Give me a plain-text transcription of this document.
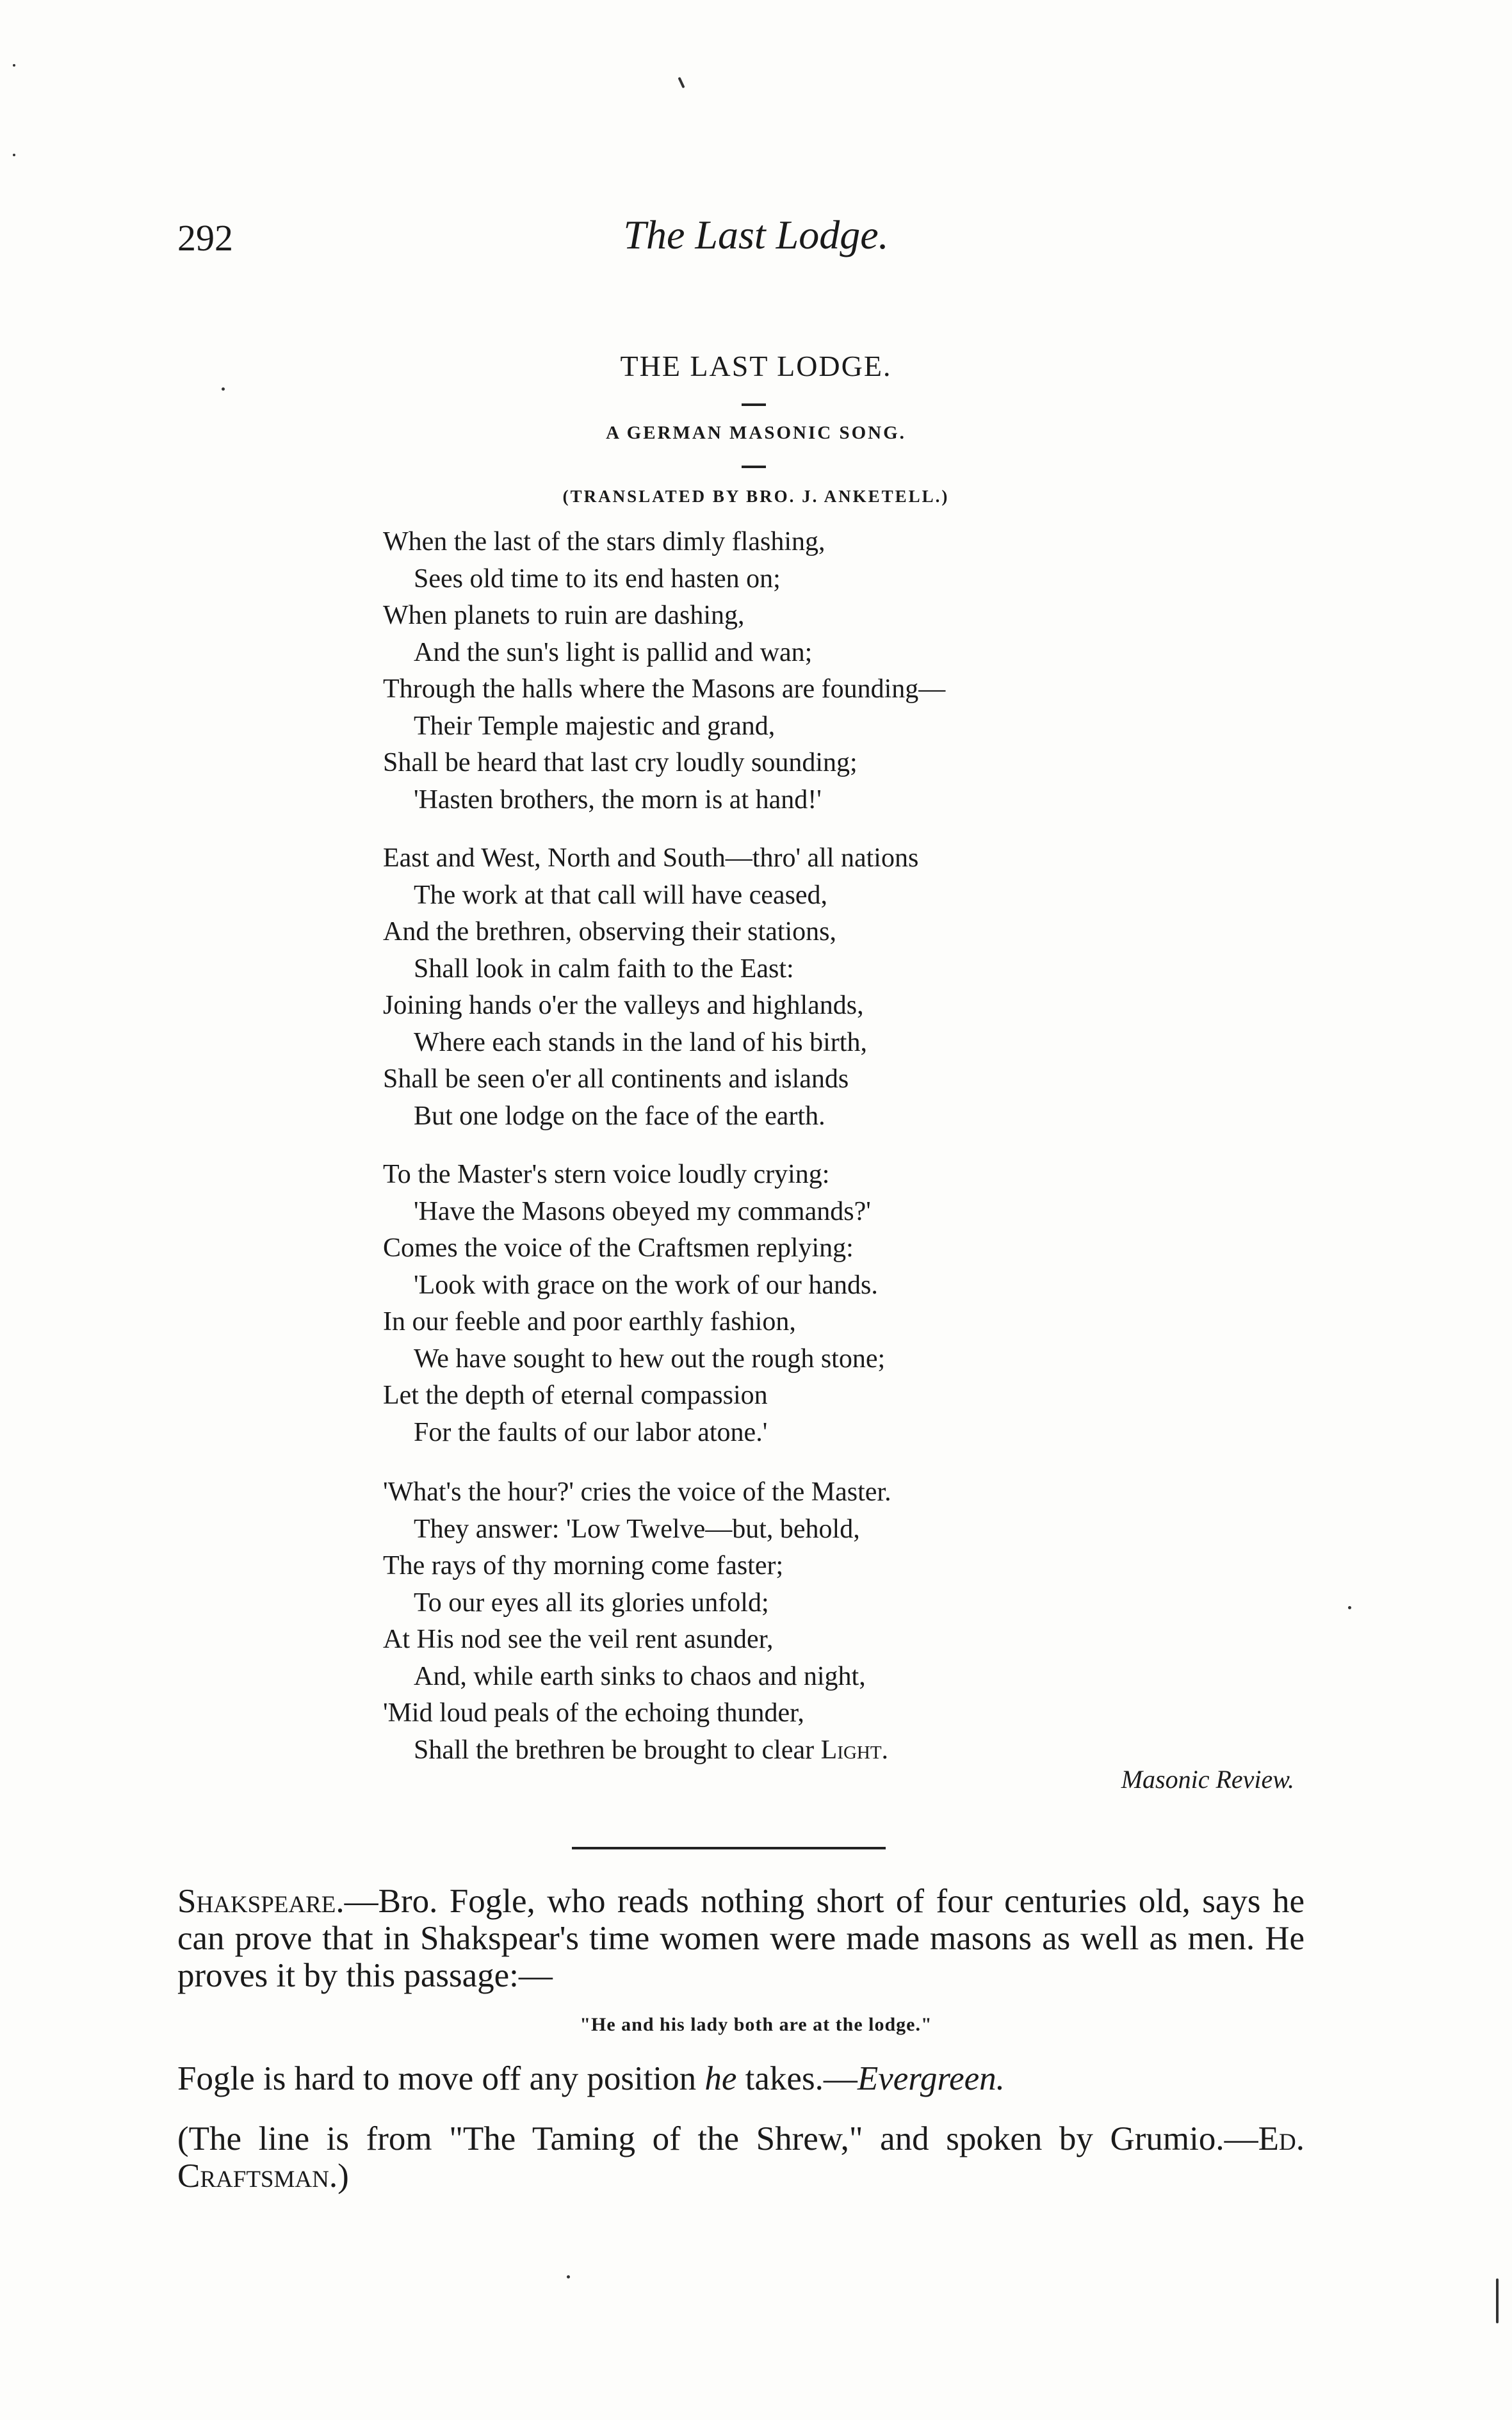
292	The Last Lodge.
THE LAST LODGE.
A GERMAN MASONIC SONG.
(TRANSLATED BY BRO. J. ANKETELL.)
When the last of the stars dimly flashing,
Sees old time to its end hasten on;
When planets to ruin are dashing,
And the sun's light is pallid and wan;
Through the halls where the Masons are founding—
Their Temple majestic and grand,
Shall be heard that last cry loudly sounding;
'Hasten brothers, the morn is at hand!'
East and West, North and South—thro' all nations
The work at that call will have ceased,
And the brethren, observing their stations,
Shall look in calm faith to the East:
Joining hands o'er the valleys and highlands,
Where each stands in the land of his birth,
Shall be seen o'er all continents and islands
But one lodge on the face of the earth.
To the Master's stern voice loudly crying:
'Have the Masons obeyed my commands?'
Comes the voice of the Craftsmen replying:
'Look with grace on the work of our hands.
In our feeble and poor earthly fashion,
We have sought to hew out the rough stone;
Let the depth of eternal compassion
For the faults of our labor atone.'
'What's the hour?' cries the voice of the Master.
They answer: 'Low Twelve—but, behold,
The rays of thy morning come faster;
To our eyes all its glories unfold;
At His nod see the veil rent asunder,
And, while earth sinks to chaos and night,
'Mid loud peals of the echoing thunder,
Shall the brethren be brought to clear Light.
Masonic Review.

Shakspeare.—Bro. Fogle, who reads nothing short of four centuries old, says he can prove that in Shakspear's time women were made masons as well as men. He proves it by this passage:—

"He and his lady both are at the lodge."

Fogle is hard to move off any position he takes.—Evergreen.

(The line is from "The Taming of the Shrew," and spoken by Grumio.—Ed. Craftsman.)
